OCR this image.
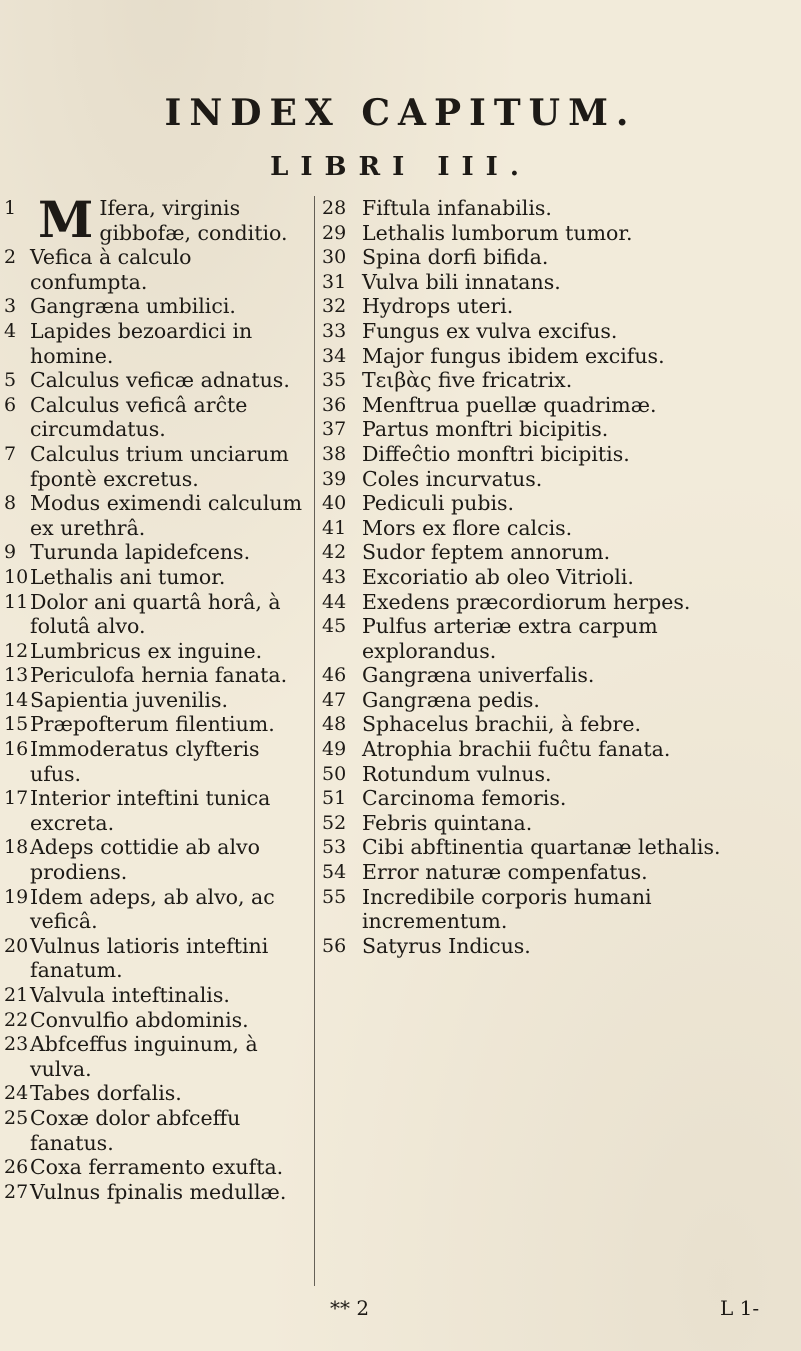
INDEX CAPITUM.
LIBRI III.
1 M Ifera, virginis gibbofæ, conditio.
2 Vefica à calculo confumpta.
3 Gangræna umbilici.
4 Lapides bezoardici in homine.
5 Calculus veficæ adnatus.
6 Calculus veficâ arĉte circumdatus.
7 Calculus trium unciarum fpontè excretus.
8 Modus eximendi calculum ex urethrâ.
9 Turunda lapidefcens.
10 Lethalis ani tumor.
11 Dolor ani quartâ horâ, à folutâ alvo.
12 Lumbricus ex inguine.
13 Periculofa hernia fanata.
14 Sapientia juvenilis.
15 Præpofterum filentium.
16 Immoderatus clyfteris ufus.
17 Interior inteftini tunica excreta.
18 Adeps cottidie ab alvo prodiens.
19 Idem adeps, ab alvo, ac veficâ.
20 Vulnus latioris inteftini fanatum.
21 Valvula inteftinalis.
22 Convulfio abdominis.
23 Abfceffus inguinum, à vulva.
24 Tabes dorfalis.
25 Coxæ dolor abfceffu fanatus.
26 Coxa ferramento exufta.
27 Vulnus fpinalis medullæ.
28 Fiftula infanabilis.
29 Lethalis lumborum tumor.
30 Spina dorfi bifida.
31 Vulva bili innatans.
32 Hydrops uteri.
33 Fungus ex vulva excifus.
34 Major fungus ibidem excifus.
35 Τειβὰς five fricatrix.
36 Menftrua puellæ quadrimæ.
37 Partus monftri bicipitis.
38 Diffeĉtio monftri bicipitis.
39 Coles incurvatus.
40 Pediculi pubis.
41 Mors ex flore calcis.
42 Sudor feptem annorum.
43 Excoriatio ab oleo Vitrioli.
44 Exedens præcordiorum herpes.
45 Pulfus arteriæ extra carpum explorandus.
46 Gangræna univerfalis.
47 Gangræna pedis.
48 Sphacelus brachii, à febre.
49 Atrophia brachii fuĉtu fanata.
50 Rotundum vulnus.
51 Carcinoma femoris.
52 Febris quintana.
53 Cibi abftinentia quartanæ lethalis.
54 Error naturæ compenfatus.
55 Incredibile corporis humani incrementum.
56 Satyrus Indicus.
** 2	L 1-
